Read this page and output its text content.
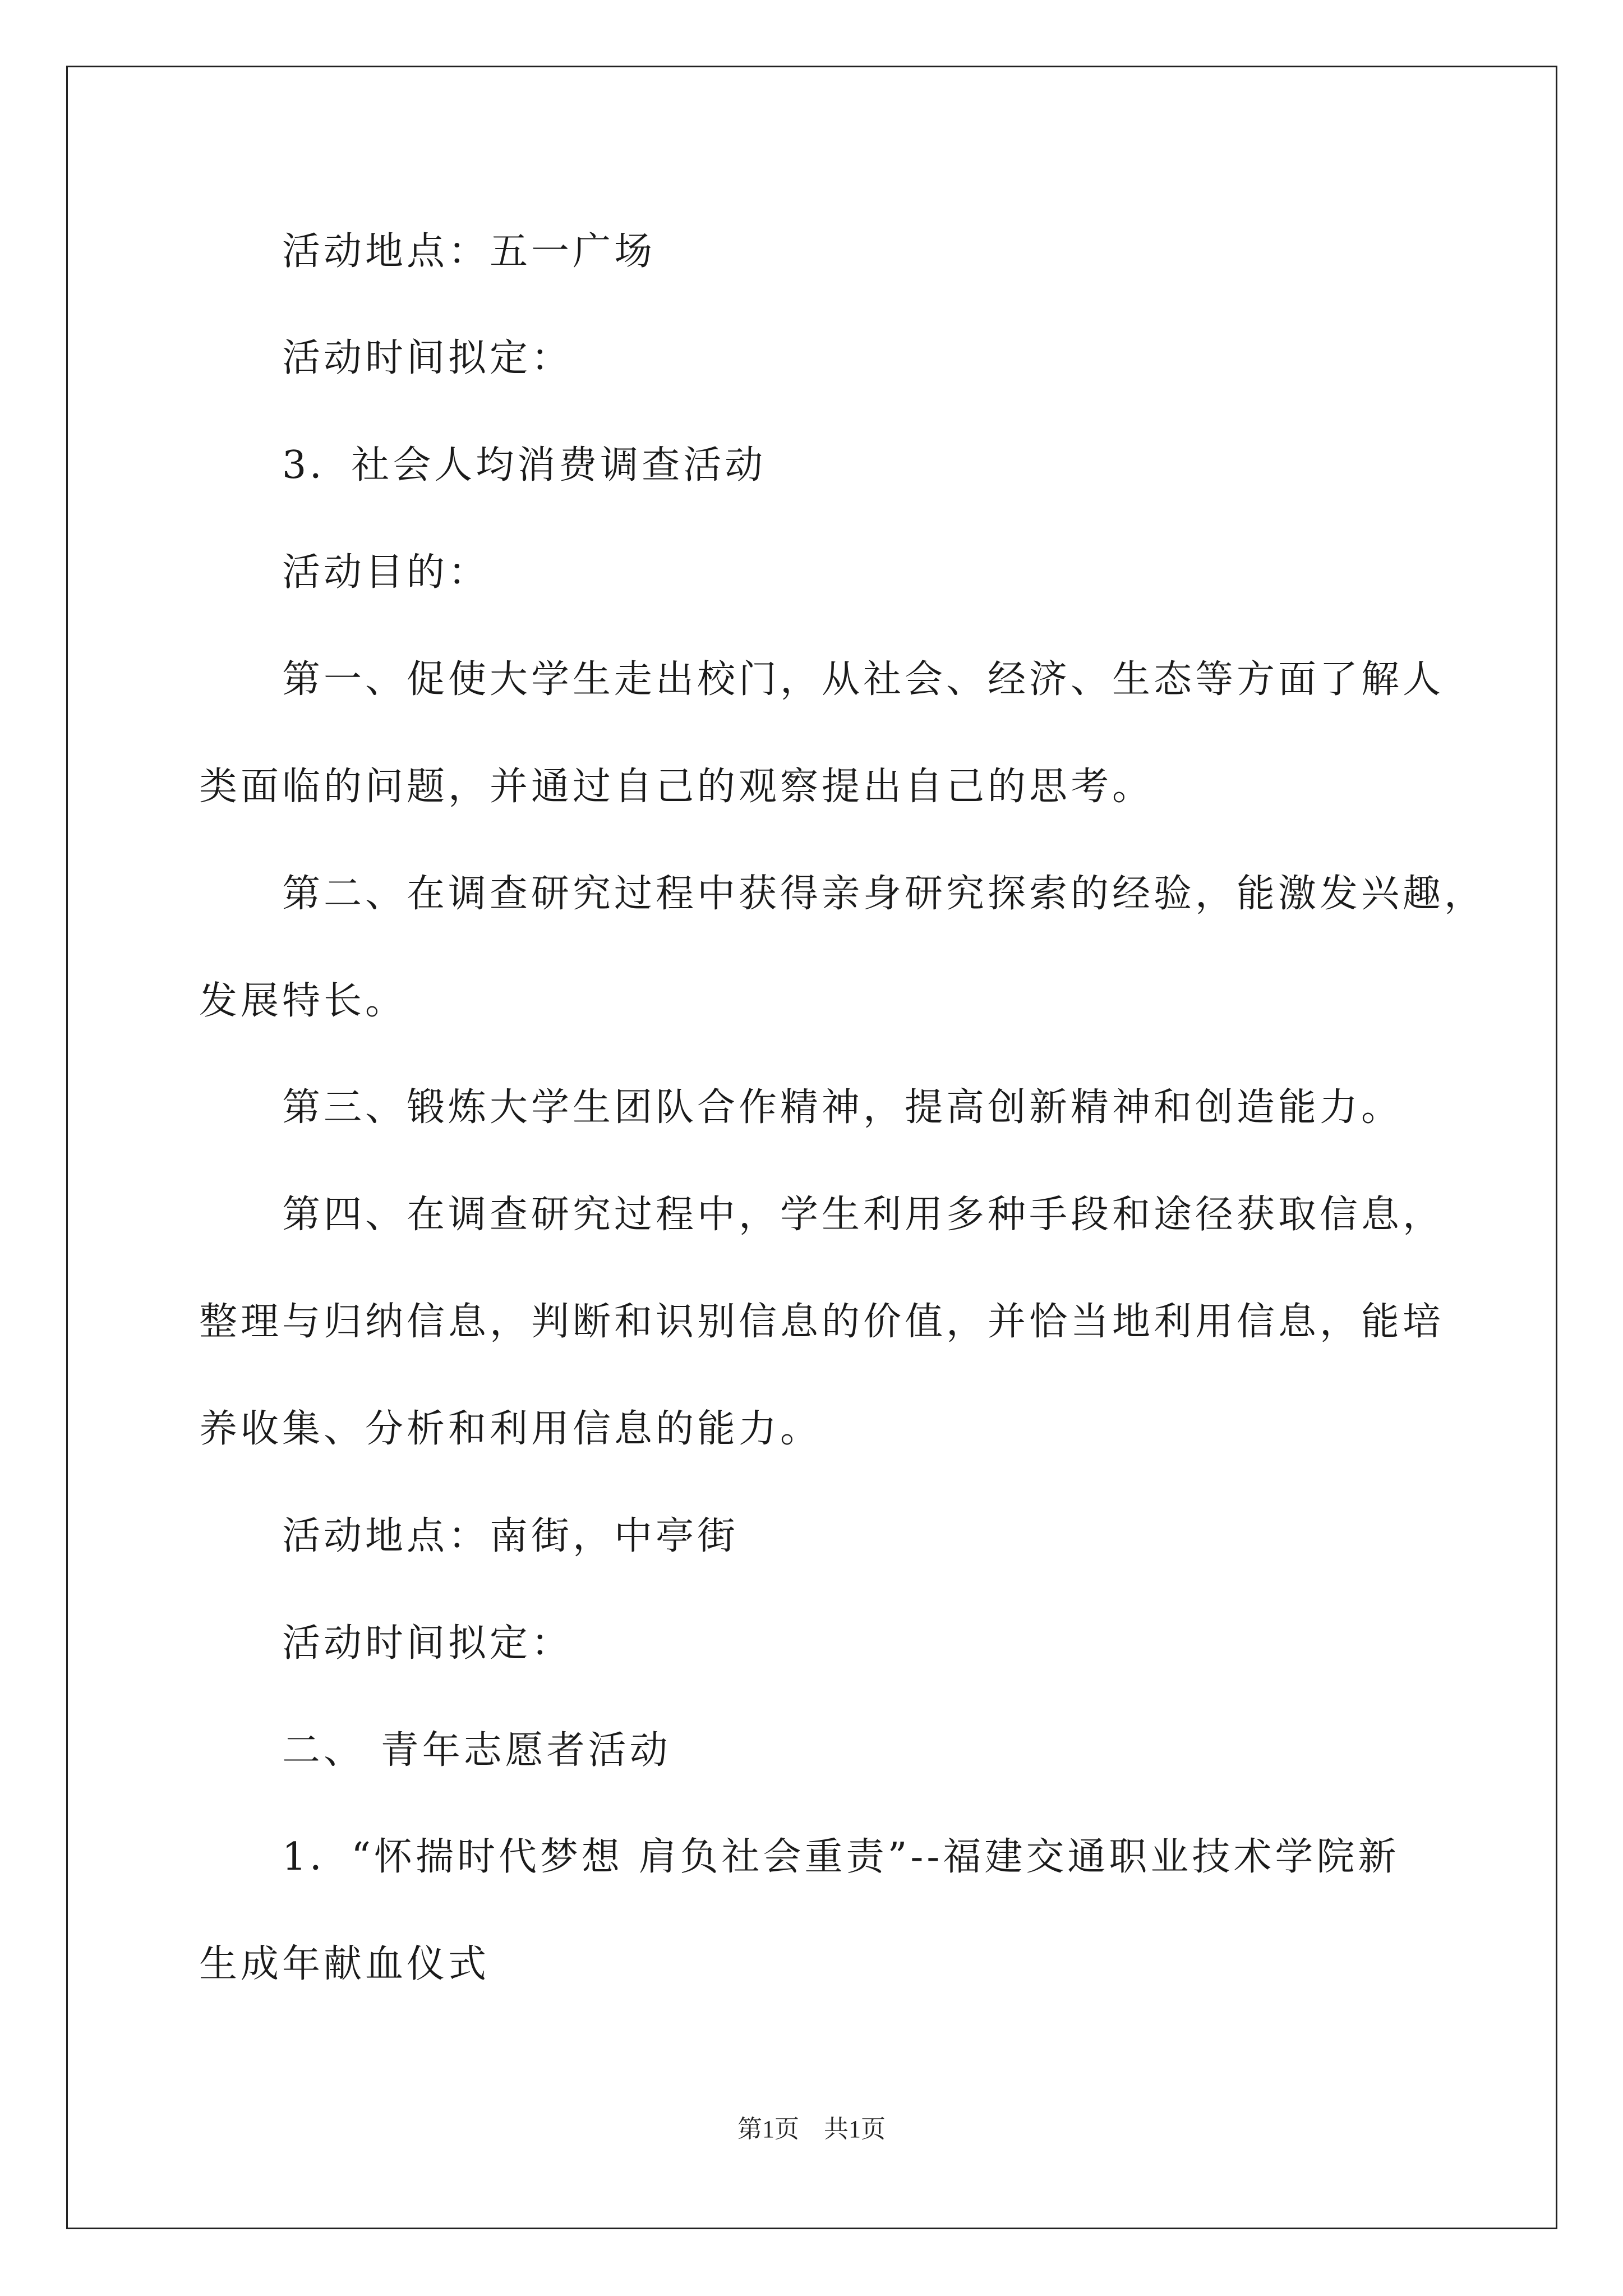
活动地点：五一广场
活动时间拟定：
3．社会人均消费调查活动
活动目的：
第一、促使大学生走出校门，从社会、经济、生态等方面了解人
类面临的问题，并通过自己的观察提出自己的思考。
第二、在调查研究过程中获得亲身研究探索的经验，能激发兴趣，
发展特长。
第三、锻炼大学生团队合作精神，提高创新精神和创造能力。
第四、在调查研究过程中，学生利用多种手段和途径获取信息，
整理与归纳信息，判断和识别信息的价值，并恰当地利用信息，能培
养收集、分析和利用信息的能力。
活动地点：南街，中亭街
活动时间拟定：
二、 青年志愿者活动
1．“怀揣时代梦想 肩负社会重责”--福建交通职业技术学院新
生成年献血仪式
第1页　共1页
